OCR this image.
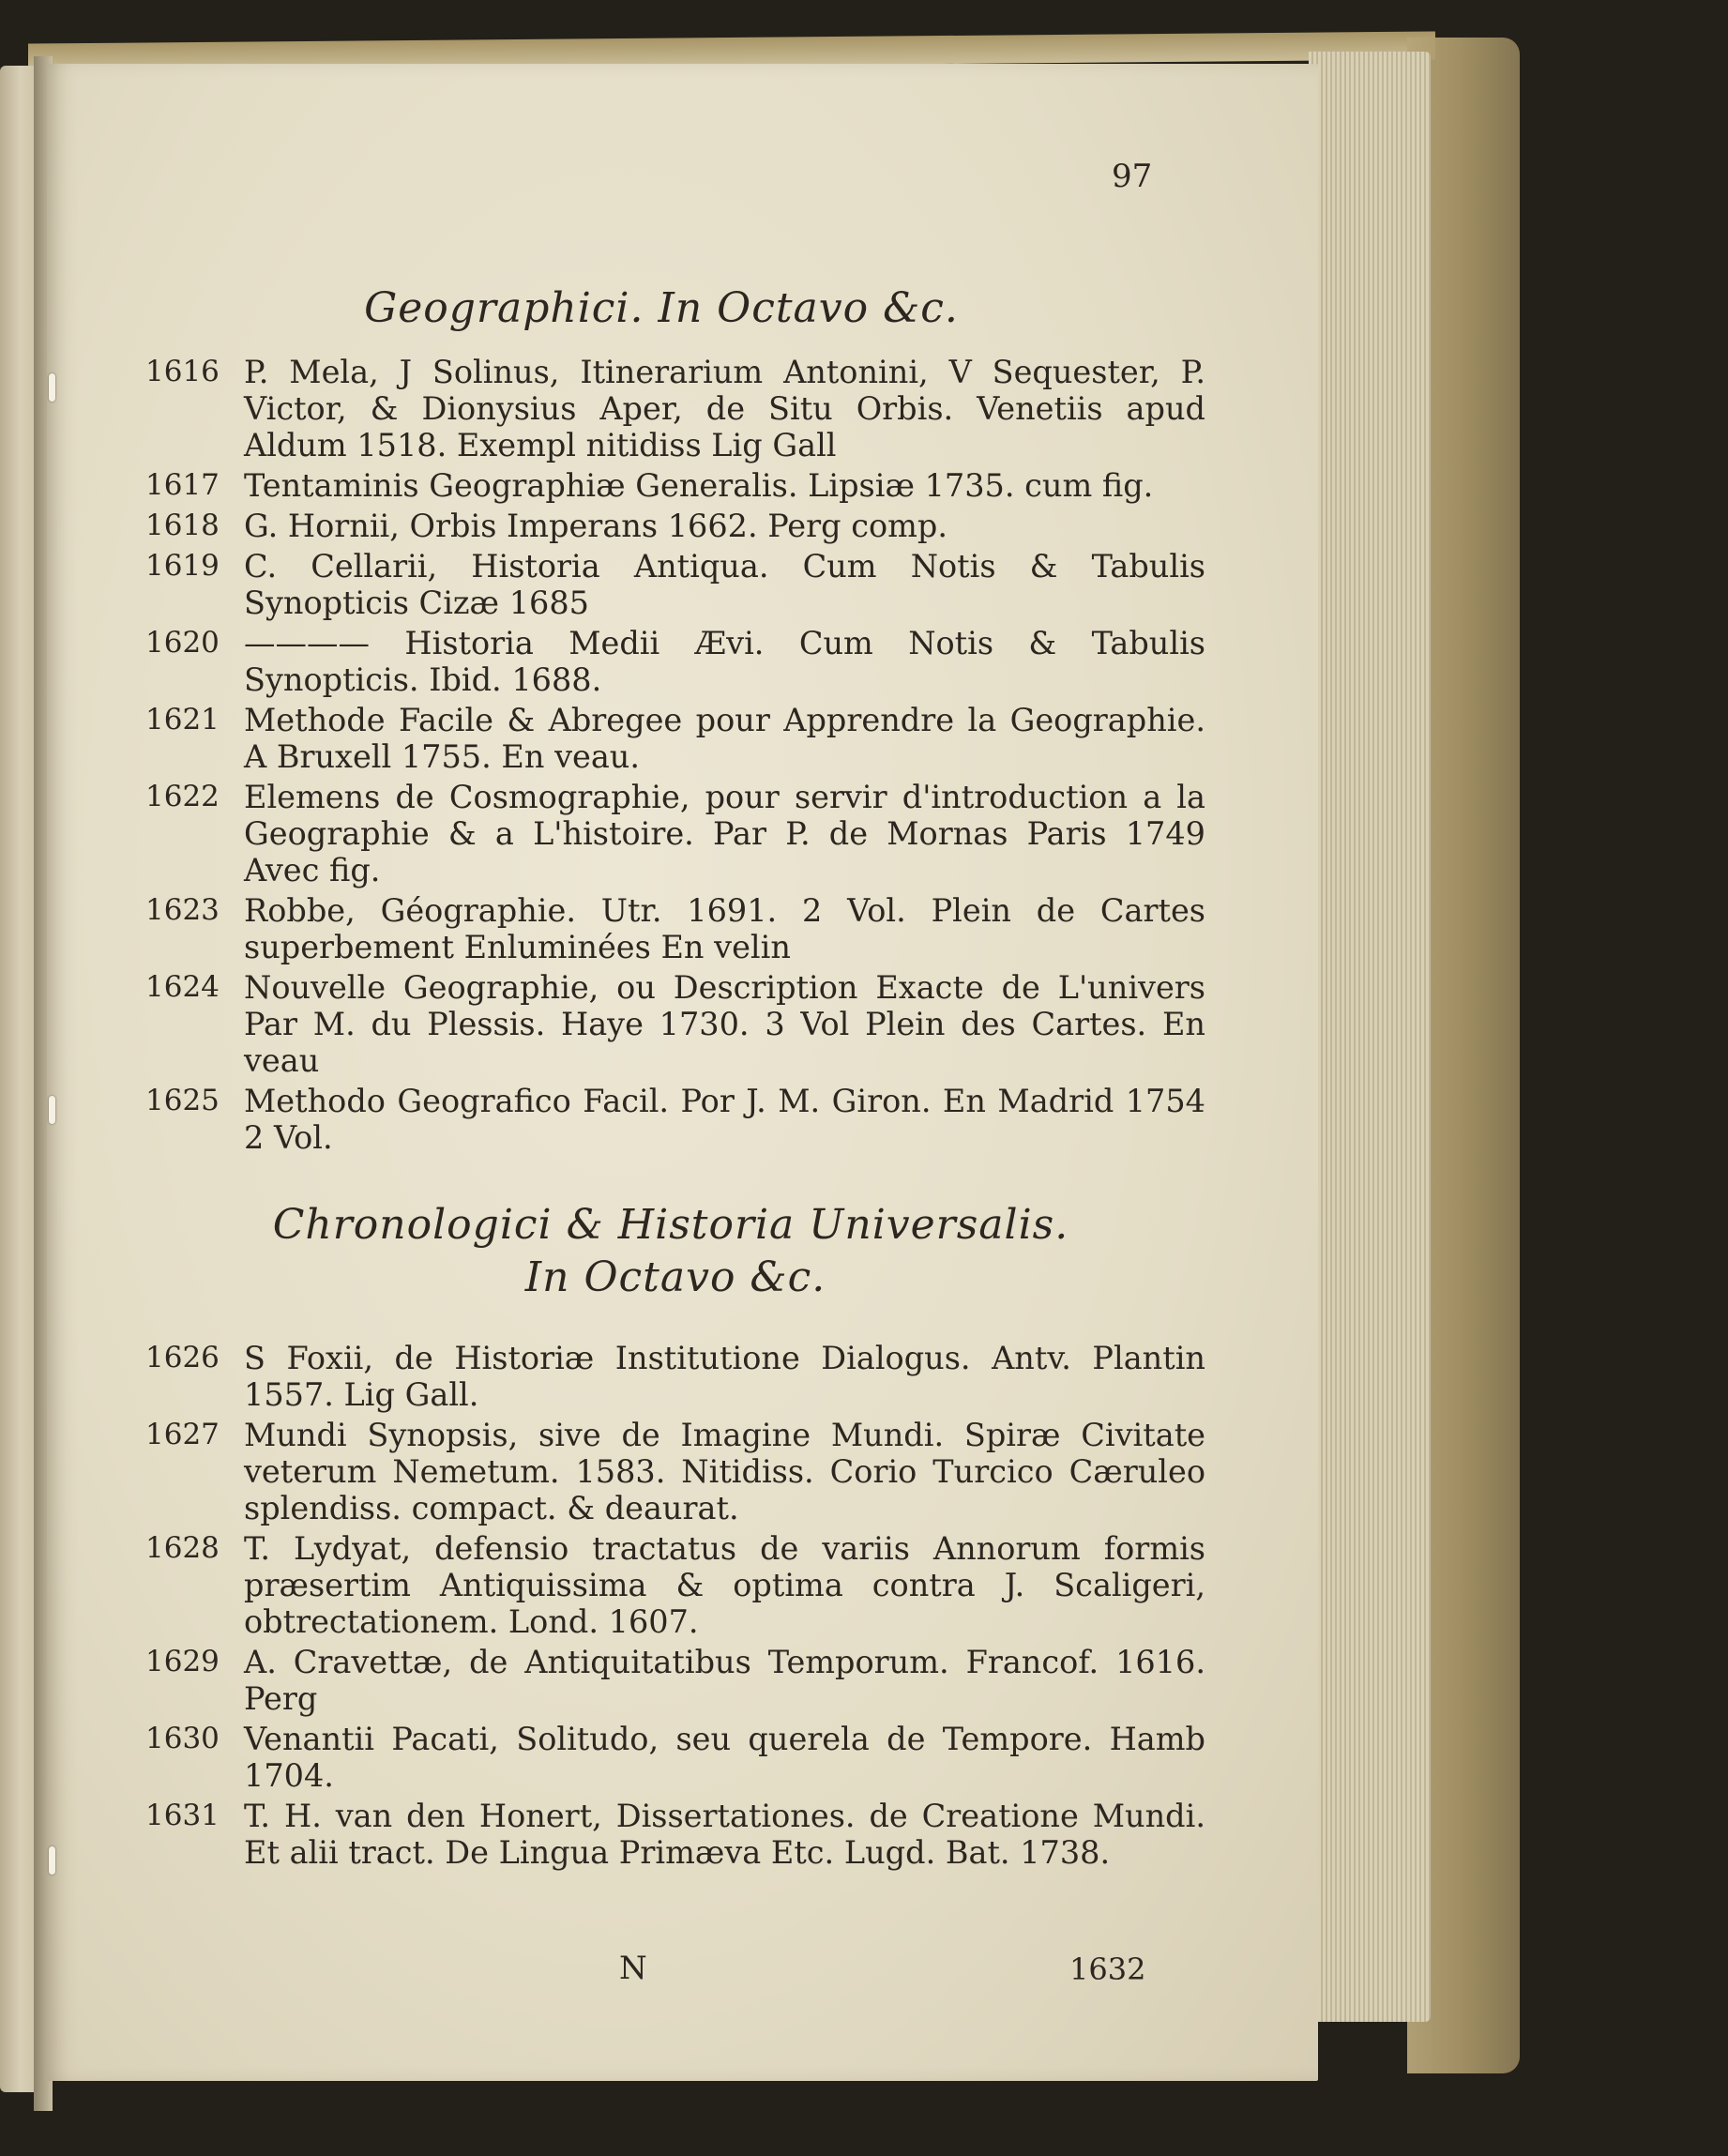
97
Geographici. In Octavo &c.
1616 P. Mela, J Solinus, Itinerarium Antonini, V Sequester, P. Victor, & Dionysius Aper, de Situ Orbis. Venetiis apud Aldum 1518. Exempl nitidiss Lig Gall
1617 Tentaminis Geographiæ Generalis. Lipsiæ 1735. cum fig.
1618 G. Hornii, Orbis Imperans 1662. Perg comp.
1619 C. Cellarii, Historia Antiqua. Cum Notis & Tabulis Synopticis Cizæ 1685
1620 ———— Historia Medii Ævi. Cum Notis & Tabulis Synopticis. Ibid. 1688.
1621 Methode Facile & Abregee pour Apprendre la Geographie. A Bruxell 1755. En veau.
1622 Elemens de Cosmographie, pour servir d'introduction a la Geographie & a L'histoire. Par P. de Mornas Paris 1749 Avec fig.
1623 Robbe, Géographie. Utr. 1691. 2 Vol. Plein de Cartes superbement Enluminées En velin
1624 Nouvelle Geographie, ou Description Exacte de L'univers Par M. du Plessis. Haye 1730. 3 Vol Plein des Cartes. En veau
1625 Methodo Geografico Facil. Por J. M. Giron. En Madrid 1754 2 Vol.
Chronologici & Historia Universalis.
In Octavo &c.
1626 S Foxii, de Historiæ Institutione Dialogus. Antv. Plantin 1557. Lig Gall.
1627 Mundi Synopsis, sive de Imagine Mundi. Spiræ Civitate veterum Nemetum. 1583. Nitidiss. Corio Turcico Cæruleo splendiss. compact. & deaurat.
1628 T. Lydyat, defensio tractatus de variis Annorum formis præsertim Antiquissima & optima contra J. Scaligeri, obtrectationem. Lond. 1607.
1629 A. Cravettæ, de Antiquitatibus Temporum. Francof. 1616. Perg
1630 Venantii Pacati, Solitudo, seu querela de Tempore. Hamb 1704.
1631 T. H. van den Honert, Dissertationes. de Creatione Mundi. Et alii tract. De Lingua Primæva Etc. Lugd. Bat. 1738.
N	1632
